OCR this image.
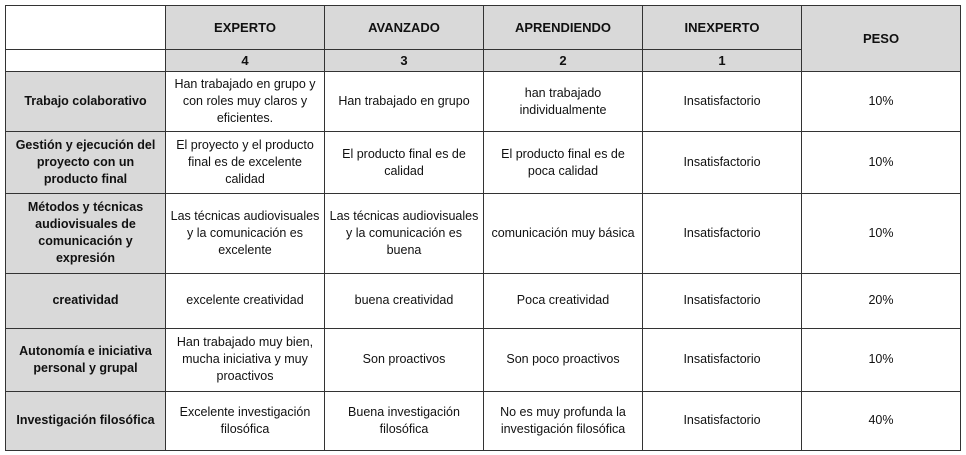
	EXPERTO	AVANZADO	APRENDIENDO	INEXPERTO	PESO
	4	3	2	1	
Trabajo colaborativo	Han trabajado en grupo y con roles muy claros y eficientes.	Han trabajado en grupo	han trabajado individualmente	Insatisfactorio	10%
Gestión y ejecución del proyecto con un producto final	El proyecto y el producto final es de excelente calidad	El producto final es de calidad	El producto final es de poca calidad	Insatisfactorio	10%
Métodos y técnicas audiovisuales de comunicación y expresión	Las técnicas audiovisuales y la comunicación es excelente	Las técnicas audiovisuales y la comunicación es buena	comunicación muy básica	Insatisfactorio	10%
creatividad	excelente creatividad	buena creatividad	Poca creatividad	Insatisfactorio	20%
Autonomía e iniciativa personal y grupal	Han trabajado muy bien, mucha iniciativa y muy proactivos	Son proactivos	Son poco proactivos	Insatisfactorio	10%
Investigación filosófica	Excelente investigación filosófica	Buena investigación filosófica	No es muy profunda la investigación filosófica	Insatisfactorio	40%
